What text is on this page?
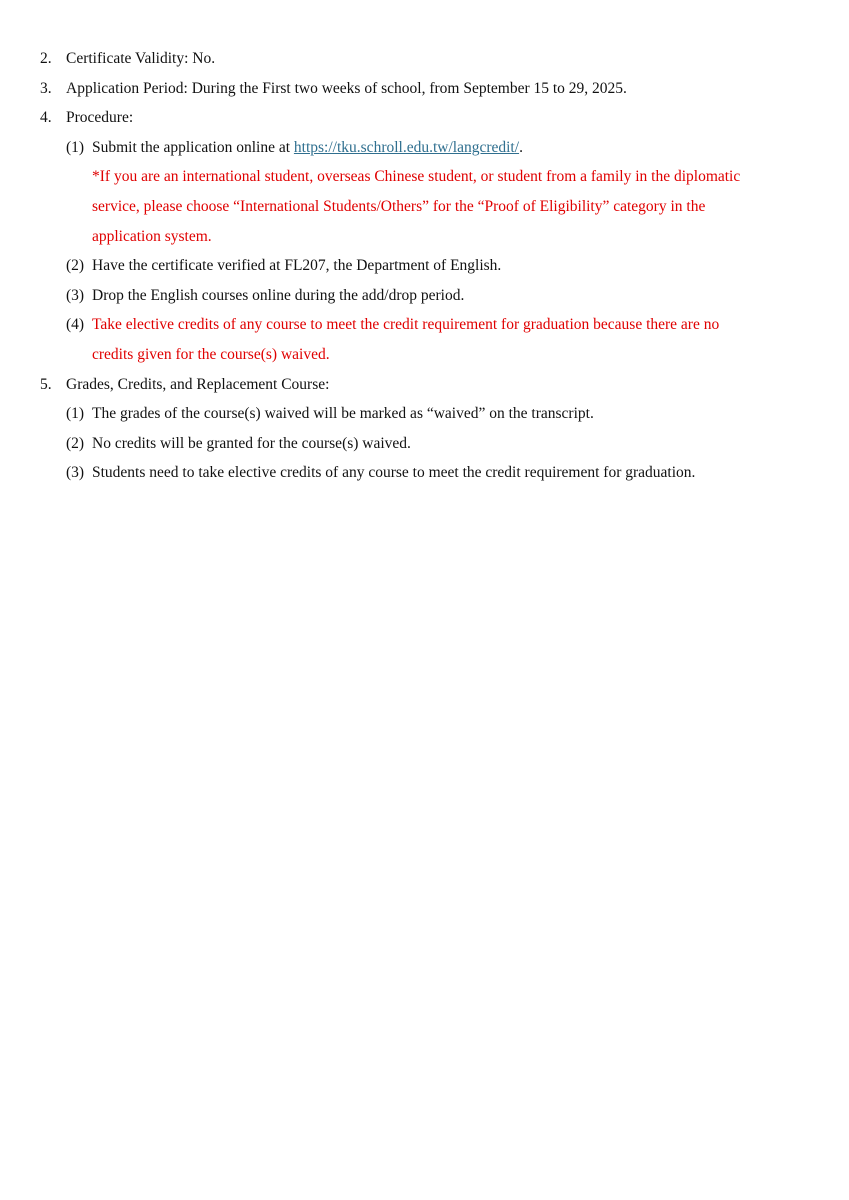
2. Certificate Validity: No.
3. Application Period: During the First two weeks of school, from September 15 to 29, 2025.
4. Procedure:
(1) Submit the application online at https://tku.schroll.edu.tw/langcredit/.
*If you are an international student, overseas Chinese student, or student from a family in the diplomatic
service, please choose “International Students/Others” for the “Proof of Eligibility” category in the
application system.
(2) Have the certificate verified at FL207, the Department of English.
(3) Drop the English courses online during the add/drop period.
(4) Take elective credits of any course to meet the credit requirement for graduation because there are no
credits given for the course(s) waived.
5. Grades, Credits, and Replacement Course:
(1) The grades of the course(s) waived will be marked as “waived” on the transcript.
(2) No credits will be granted for the course(s) waived.
(3) Students need to take elective credits of any course to meet the credit requirement for graduation.
